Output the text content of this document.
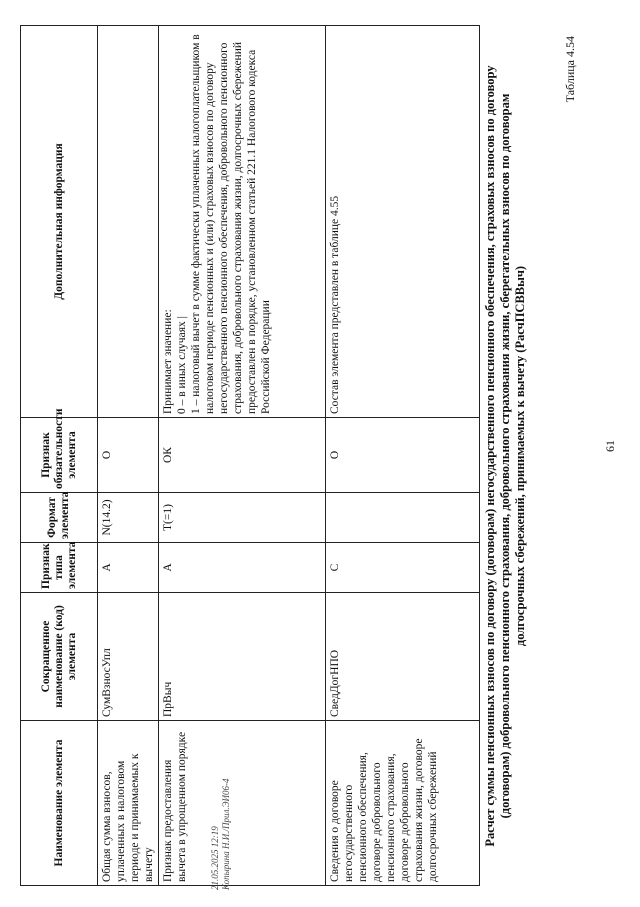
61
Таблица 4.54
Расчет суммы пенсионных взносов по договору (договорам) негосударственного пенсионного обеспечения, страховых взносов по договору (договорам) добровольного пенсионного страхования, добровольного страхования жизни, сберегательных взносов по договорам долгосрочных сбережений, принимаемых к вычету (РасчПСВВыч)
Наименование элемента	Сокращенное наименование (код) элемента	Признак типа элемента	Формат элемента	Признак обязательности элемента	Дополнительная информация
Общая сумма взносов, уплаченных в налоговом периоде и принимаемых к вычету	СумВзносУпл	А	N(14.2)	О	
Признак предоставления вычета в упрощенном порядке	ПрВыч	А	T(=1)	ОК	Принимает значение: 0 – в иных случаях | 1 – налоговый вычет в сумме фактически уплаченных налогоплательщиком в налоговом периоде пенсионных и (или) страховых взносов по договору негосударственного пенсионного обеспечения, добровольного пенсионного страхования, добровольного страхования жизни, долгосрочных сбережений предоставлен в порядке, установленном статьей 221.1 Налогового кодекса Российской Федерации

Сведения о договоре негосударственного пенсионного обеспечения, договоре добровольного пенсионного страхования, договоре добровольного страхования жизни, договоре долгосрочных сбережений	СведДогНПО	С		О	Состав элемента представлен в таблице 4.55
21.05.2025 12:19 Копырина Н.И./Прил.ЭИ06-4
